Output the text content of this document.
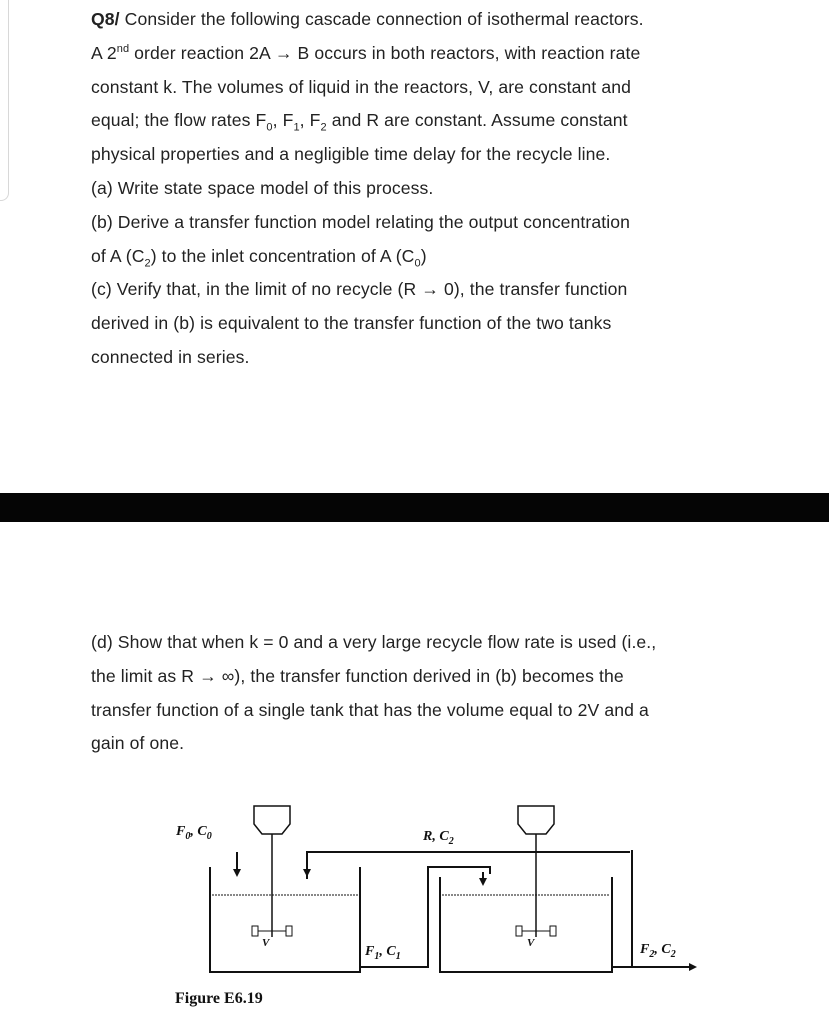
Q8/ Consider the following cascade connection of isothermal reactors.
A 2nd order reaction 2A → B occurs in both reactors, with reaction rate
constant k. The volumes of liquid in the reactors, V, are constant and
equal; the flow rates $F_0$, $F_1$, $F_2$ and R are constant. Assume constant
physical properties and a negligible time delay for the recycle line.
(a) Write state space model of this process.
(b) Derive a transfer function model relating the output concentration
of A $(C_2)$ to the inlet concentration of A $(C_0)$
(c) Verify that, in the limit of no recycle (R → 0), the transfer function
derived in (b) is equivalent to the transfer function of the two tanks
connected in series.
(d) Show that when k = 0 and a very large recycle flow rate is used (i.e.,
the limit as R → ∞), the transfer function derived in (b) becomes the
transfer function of a single tank that has the volume equal to 2V and a
gain of one.
$F_0$, $C_0$	R, $C_2$
$F_1$, $C_1$	$F_2$, $C_2$
V	V
Figure E6.19
